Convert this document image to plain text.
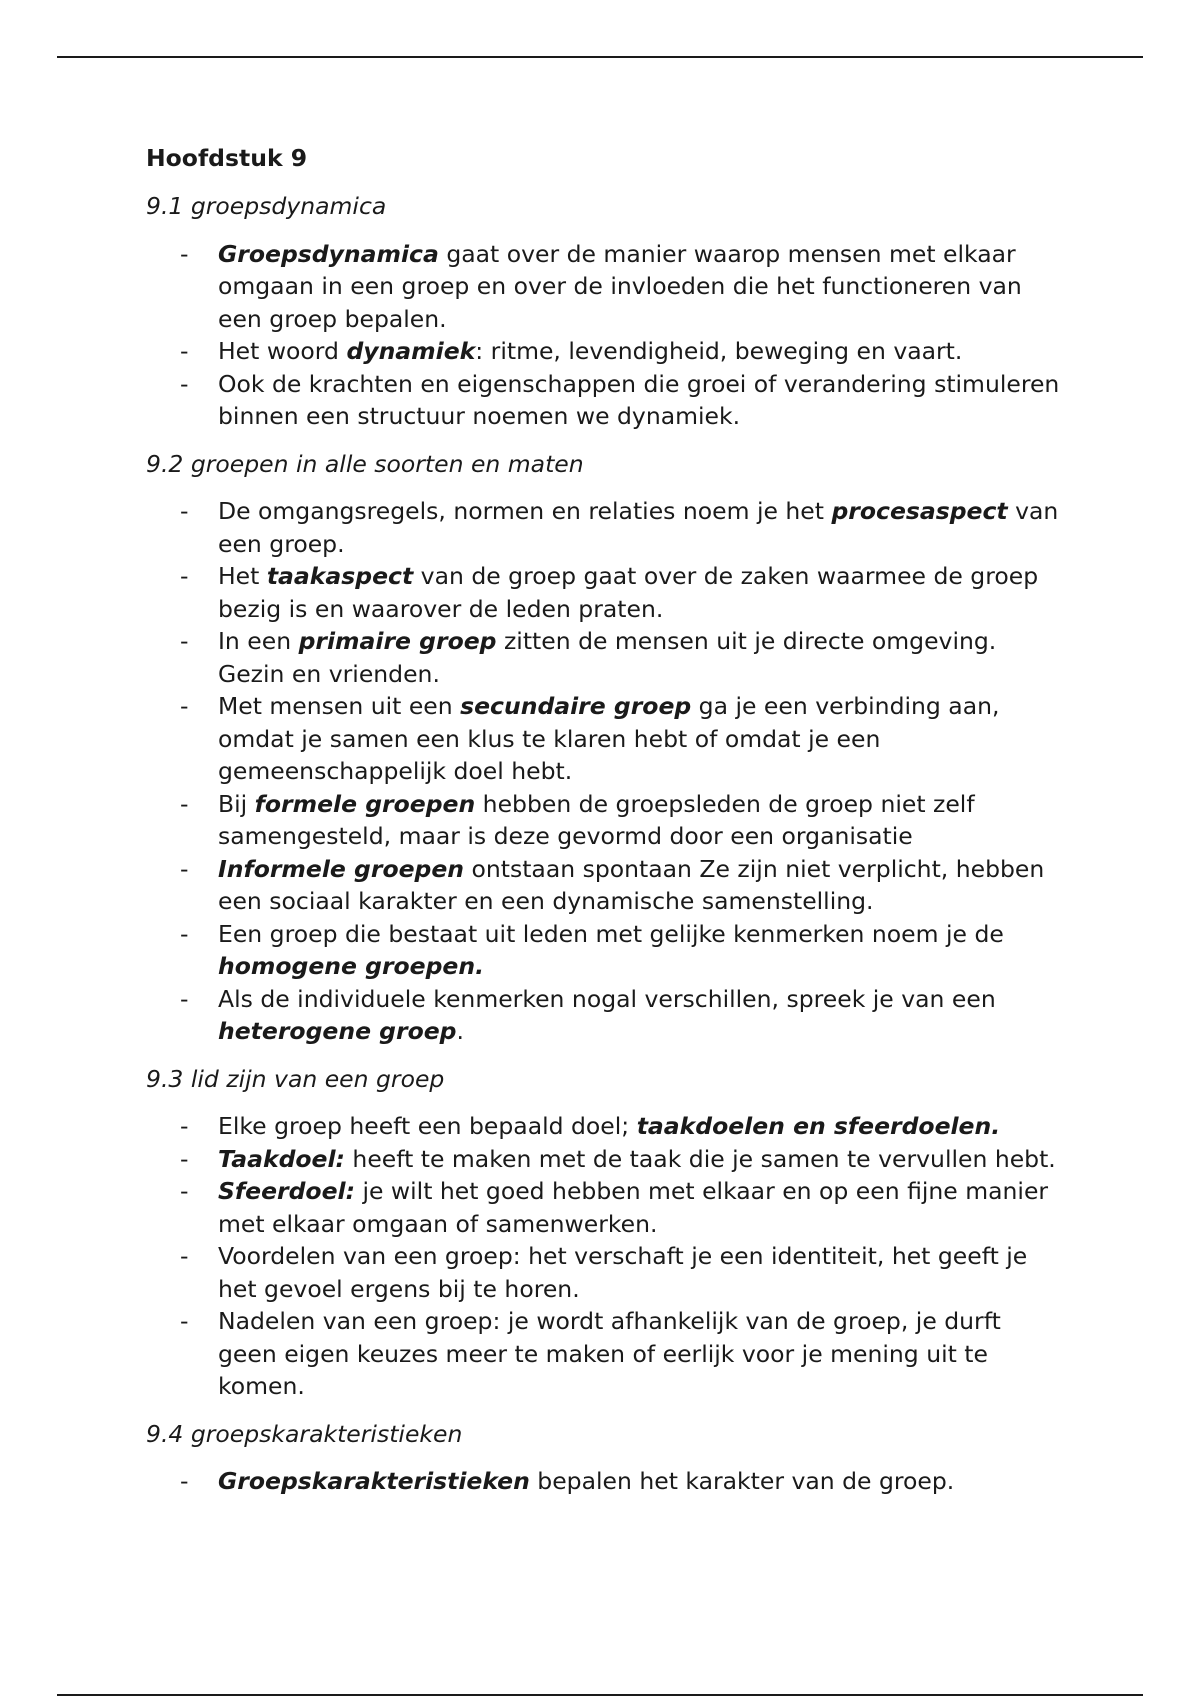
Hoofdstuk 9
9.1 groepsdynamica
- Groepsdynamica gaat over de manier waarop mensen met elkaar omgaan in een groep en over de invloeden die het functioneren van een groep bepalen.
- Het woord dynamiek: ritme, levendigheid, beweging en vaart.
- Ook de krachten en eigenschappen die groei of verandering stimuleren binnen een structuur noemen we dynamiek.
9.2 groepen in alle soorten en maten
- De omgangsregels, normen en relaties noem je het procesaspect van een groep.
- Het taakaspect van de groep gaat over de zaken waarmee de groep bezig is en waarover de leden praten.
- In een primaire groep zitten de mensen uit je directe omgeving. Gezin en vrienden.
- Met mensen uit een secundaire groep ga je een verbinding aan, omdat je samen een klus te klaren hebt of omdat je een gemeenschappelijk doel hebt.
- Bij formele groepen hebben de groepsleden de groep niet zelf samengesteld, maar is deze gevormd door een organisatie
- Informele groepen ontstaan spontaan Ze zijn niet verplicht, hebben een sociaal karakter en een dynamische samenstelling.
- Een groep die bestaat uit leden met gelijke kenmerken noem je de homogene groepen.
- Als de individuele kenmerken nogal verschillen, spreek je van een heterogene groep.
9.3 lid zijn van een groep
- Elke groep heeft een bepaald doel; taakdoelen en sfeerdoelen.
- Taakdoel: heeft te maken met de taak die je samen te vervullen hebt.
- Sfeerdoel: je wilt het goed hebben met elkaar en op een fijne manier met elkaar omgaan of samenwerken.
- Voordelen van een groep: het verschaft je een identiteit, het geeft je het gevoel ergens bij te horen.
- Nadelen van een groep: je wordt afhankelijk van de groep, je durft geen eigen keuzes meer te maken of eerlijk voor je mening uit te komen.
9.4 groepskarakteristieken
- Groepskarakteristieken bepalen het karakter van de groep.
